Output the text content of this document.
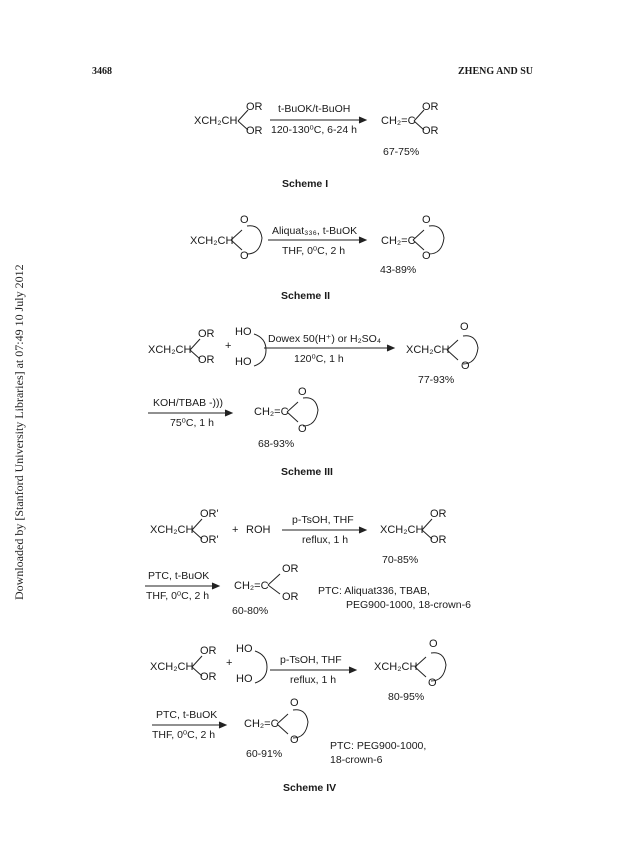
3468	ZHENG AND SU
Downloaded by [Stanford University Libraries] at 07:49 10 July 2012
XCH₂CH
OR
OR
t-BuOK/t-BuOH
120-130⁰C, 6-24 h
CH₂=C
OR
OR
67-75%
Scheme I
XCH₂CH
O
O
Aliquat₃₃₆, t-BuOK
THF, 0⁰C, 2 h
CH₂=C
O
O
43-89%
Scheme II
XCH₂CH
OR
OR
+
HO
HO
Dowex 50(H⁺) or H₂SO₄
120⁰C, 1 h
XCH₂CH
O
O
77-93%
KOH/TBAB -)))
75⁰C, 1 h
CH₂=C
O
O
68-93%
Scheme III
XCH₂CH
OR'
OR'
+ ROH
p-TsOH, THF
reflux, 1 h
XCH₂CH
OR
OR
70-85%
PTC, t-BuOK
THF, 0⁰C, 2 h
CH₂=C
OR
OR PTC: Aliquat336, TBAB,
PEG900-1000, 18-crown-6
60-80%
XCH₂CH
OR
OR
+
HO
HO
p-TsOH, THF
reflux, 1 h
XCH₂CH
O
O
80-95%
PTC, t-BuOK
THF, 0⁰C, 2 h
CH₂=C
O
O
60-91%
PTC: PEG900-1000,
18-crown-6
Scheme IV
